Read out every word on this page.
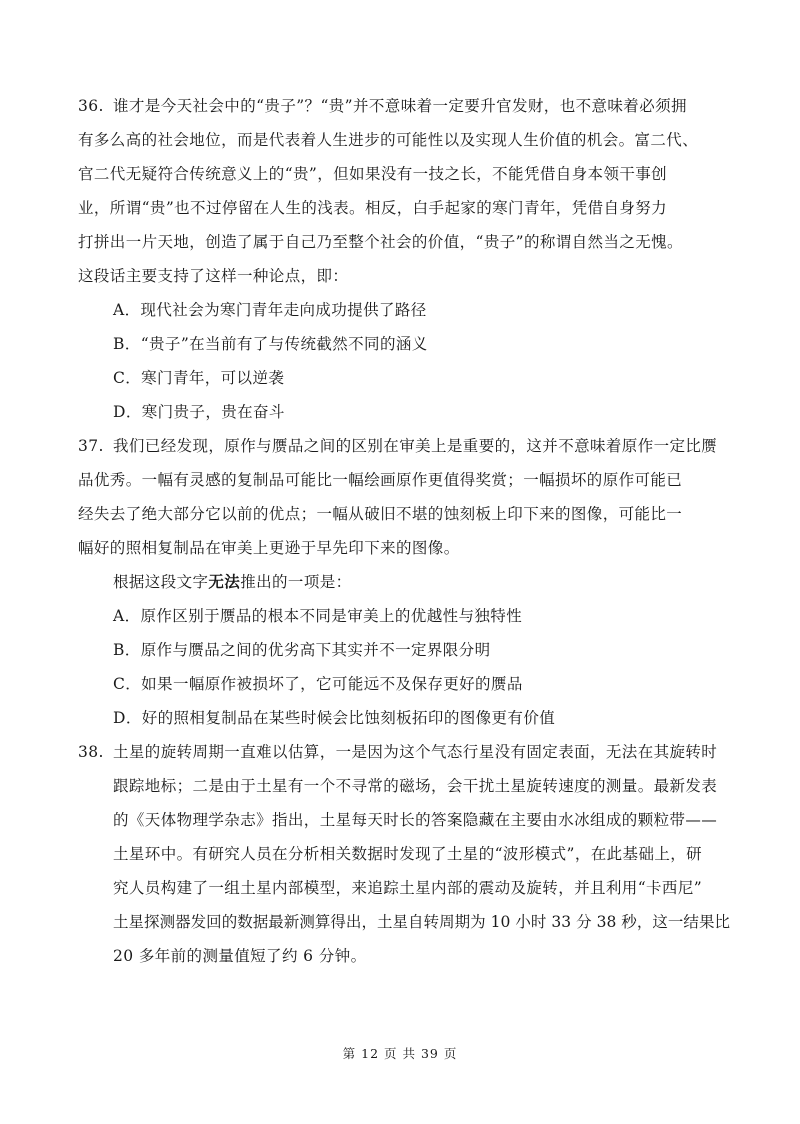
36. 谁才是今天社会中的“贵子”？“贵”并不意味着一定要升官发财，也不意味着必须拥
有多么高的社会地位，而是代表着人生进步的可能性以及实现人生价值的机会。富二代、
官二代无疑符合传统意义上的“贵”，但如果没有一技之长，不能凭借自身本领干事创
业，所谓“贵”也不过停留在人生的浅表。相反，白手起家的寒门青年，凭借自身努力
打拼出一片天地，创造了属于自己乃至整个社会的价值，“贵子”的称谓自然当之无愧。
这段话主要支持了这样一种论点，即：
A．现代社会为寒门青年走向成功提供了路径
B．“贵子”在当前有了与传统截然不同的涵义
C．寒门青年，可以逆袭
D．寒门贵子，贵在奋斗
37. 我们已经发现，原作与赝品之间的区别在审美上是重要的，这并不意味着原作一定比赝
品优秀。一幅有灵感的复制品可能比一幅绘画原作更值得奖赏；一幅损坏的原作可能已
经失去了绝大部分它以前的优点；一幅从破旧不堪的蚀刻板上印下来的图像，可能比一
幅好的照相复制品在审美上更逊于早先印下来的图像。
根据这段文字无法推出的一项是：
A．原作区别于赝品的根本不同是审美上的优越性与独特性
B．原作与赝品之间的优劣高下其实并不一定界限分明
C．如果一幅原作被损坏了，它可能远不及保存更好的赝品
D．好的照相复制品在某些时候会比蚀刻板拓印的图像更有价值
38. 土星的旋转周期一直难以估算，一是因为这个气态行星没有固定表面，无法在其旋转时
跟踪地标；二是由于土星有一个不寻常的磁场，会干扰土星旋转速度的测量。最新发表
的《天体物理学杂志》指出，土星每天时长的答案隐藏在主要由水冰组成的颗粒带——
土星环中。有研究人员在分析相关数据时发现了土星的“波形模式”，在此基础上，研
究人员构建了一组土星内部模型，来追踪土星内部的震动及旋转，并且利用“卡西尼”
土星探测器发回的数据最新测算得出，土星自转周期为 10 小时 33 分 38 秒，这一结果比
20 多年前的测量值短了约 6 分钟。
第 12 页 共 39 页
